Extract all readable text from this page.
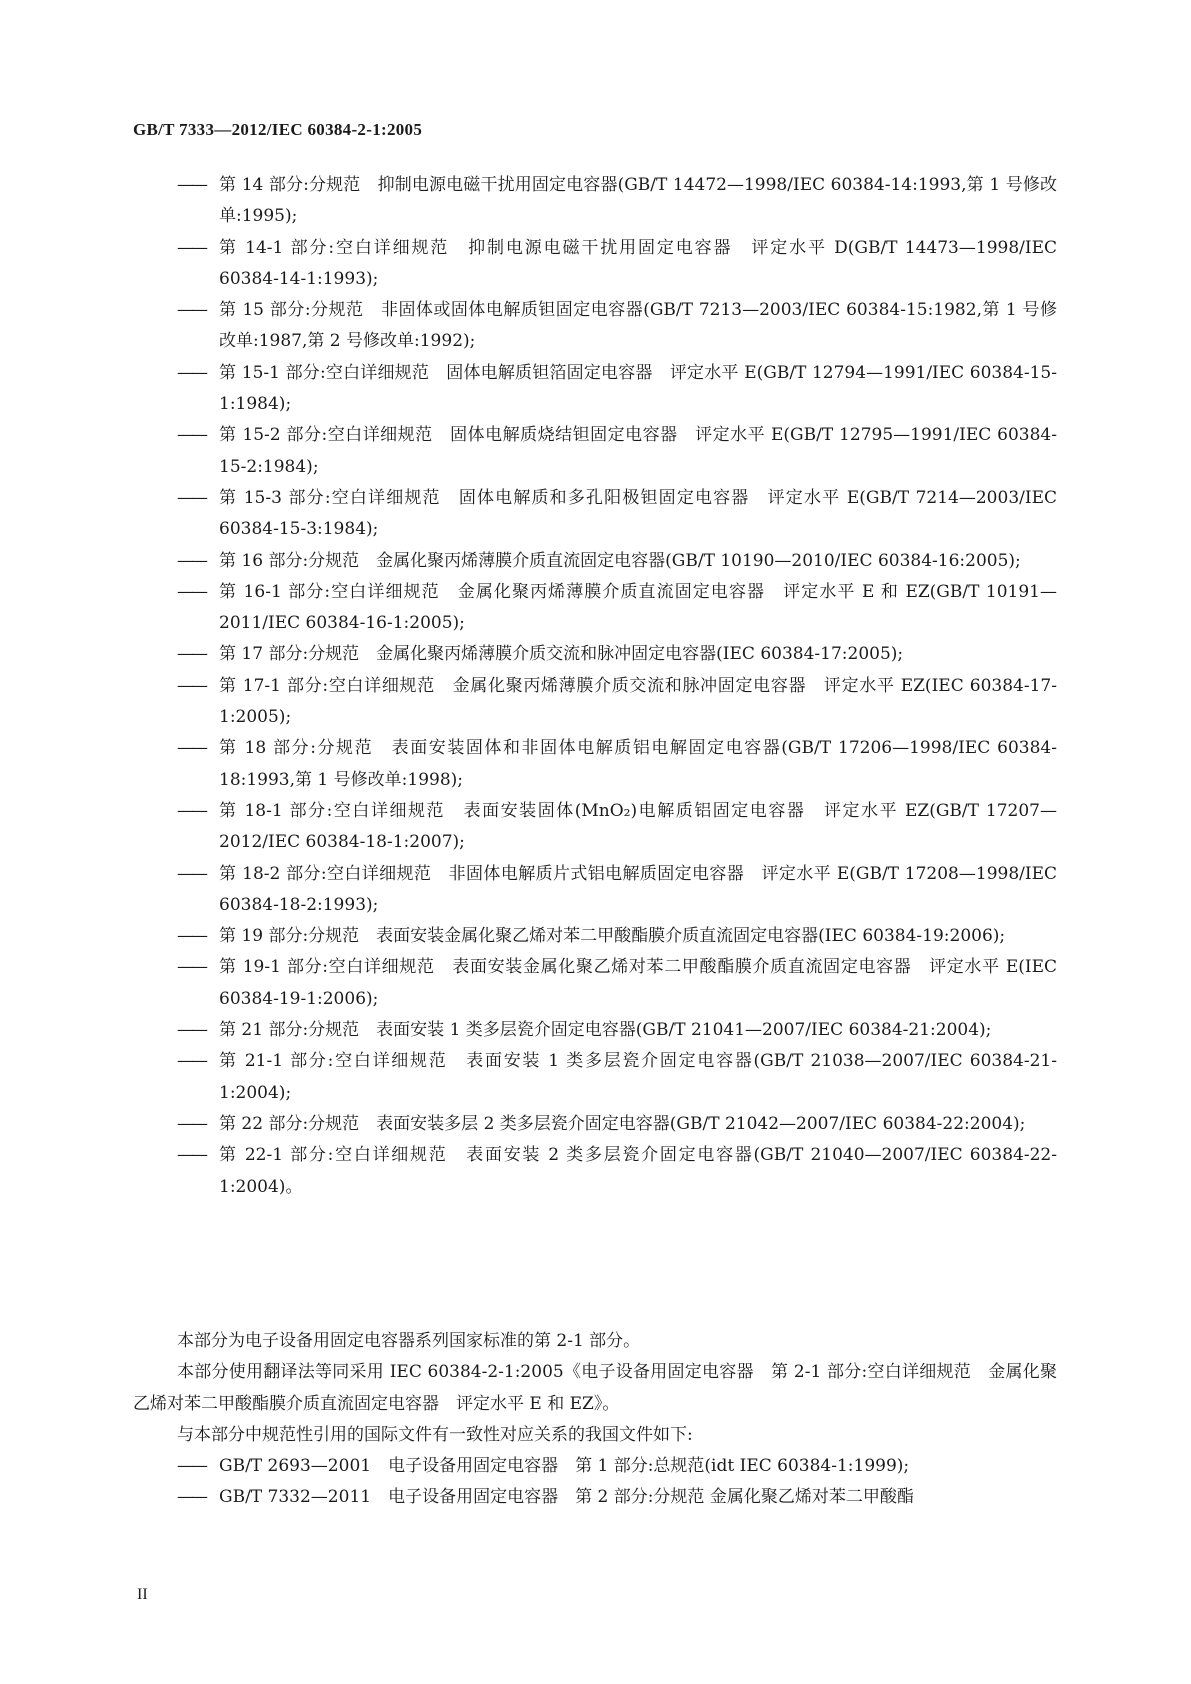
GB/T 7333—2012/IEC 60384-2-1:2005
—— 第 14 部分:分规范　抑制电源电磁干扰用固定电容器(GB/T 14472—1998/IEC 60384-14:1993,第 1 号修改单:1995);
—— 第 14-1 部分:空白详细规范　抑制电源电磁干扰用固定电容器　评定水平 D(GB/T 14473—1998/IEC 60384-14-1:1993);
—— 第 15 部分:分规范　非固体或固体电解质钽固定电容器(GB/T 7213—2003/IEC 60384-15:1982,第 1 号修改单:1987,第 2 号修改单:1992);
—— 第 15-1 部分:空白详细规范　固体电解质钽箔固定电容器　评定水平 E(GB/T 12794—1991/IEC 60384-15-1:1984);
—— 第 15-2 部分:空白详细规范　固体电解质烧结钽固定电容器　评定水平 E(GB/T 12795—1991/IEC 60384-15-2:1984);
—— 第 15-3 部分:空白详细规范　固体电解质和多孔阳极钽固定电容器　评定水平 E(GB/T 7214—2003/IEC 60384-15-3:1984);
—— 第 16 部分:分规范　金属化聚丙烯薄膜介质直流固定电容器(GB/T 10190—2010/IEC 60384-16:2005);
—— 第 16-1 部分:空白详细规范　金属化聚丙烯薄膜介质直流固定电容器　评定水平 E 和 EZ(GB/T 10191—2011/IEC 60384-16-1:2005);
—— 第 17 部分:分规范　金属化聚丙烯薄膜介质交流和脉冲固定电容器(IEC 60384-17:2005);
—— 第 17-1 部分:空白详细规范　金属化聚丙烯薄膜介质交流和脉冲固定电容器　评定水平 EZ(IEC 60384-17-1:2005);
—— 第 18 部分:分规范　表面安装固体和非固体电解质铝电解固定电容器(GB/T 17206—1998/IEC 60384-18:1993,第 1 号修改单:1998);
—— 第 18-1 部分:空白详细规范　表面安装固体(MnO₂)电解质铝固定电容器　评定水平 EZ(GB/T 17207—2012/IEC 60384-18-1:2007);
—— 第 18-2 部分:空白详细规范　非固体电解质片式铝电解质固定电容器　评定水平 E(GB/T 17208—1998/IEC 60384-18-2:1993);
—— 第 19 部分:分规范　表面安装金属化聚乙烯对苯二甲酸酯膜介质直流固定电容器(IEC 60384-19:2006);
—— 第 19-1 部分:空白详细规范　表面安装金属化聚乙烯对苯二甲酸酯膜介质直流固定电容器　评定水平 E(IEC 60384-19-1:2006);
—— 第 21 部分:分规范　表面安装 1 类多层瓷介固定电容器(GB/T 21041—2007/IEC 60384-21:2004);
—— 第 21-1 部分:空白详细规范　表面安装 1 类多层瓷介固定电容器(GB/T 21038—2007/IEC 60384-21-1:2004);
—— 第 22 部分:分规范　表面安装多层 2 类多层瓷介固定电容器(GB/T 21042—2007/IEC 60384-22:2004);
—— 第 22-1 部分:空白详细规范　表面安装 2 类多层瓷介固定电容器(GB/T 21040—2007/IEC 60384-22-1:2004)。
本部分为电子设备用固定电容器系列国家标准的第 2-1 部分。
本部分使用翻译法等同采用 IEC 60384-2-1:2005《电子设备用固定电容器　第 2-1 部分:空白详细规范　金属化聚乙烯对苯二甲酸酯膜介质直流固定电容器　评定水平 E 和 EZ》。
与本部分中规范性引用的国际文件有一致性对应关系的我国文件如下:
—— GB/T 2693—2001　电子设备用固定电容器　第 1 部分:总规范(idt IEC 60384-1:1999);
—— GB/T 7332—2011　电子设备用固定电容器　第 2 部分:分规范 金属化聚乙烯对苯二甲酸酯
II
